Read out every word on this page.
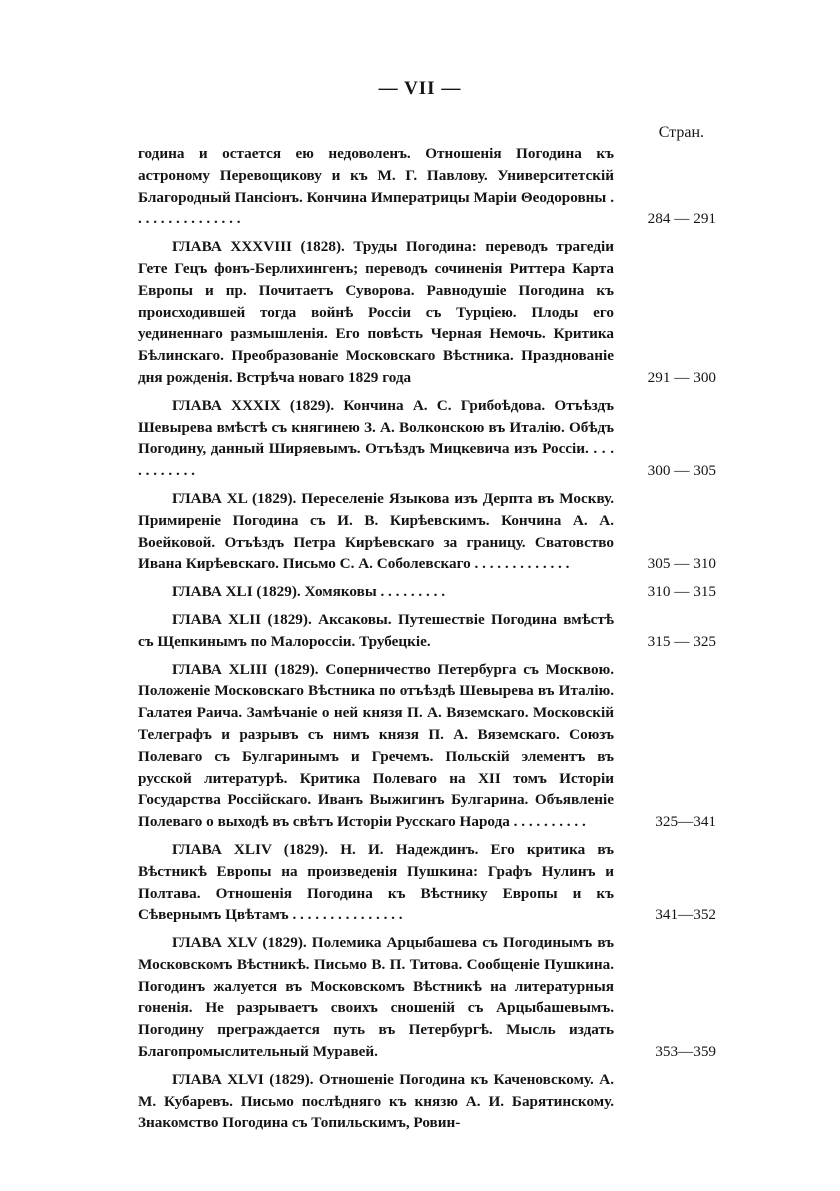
— VII —
Стран.
година и остается ею недоволенъ. Отношенія Погодина къ астроному Перевощикову и къ М. Г. Павлову. Университетскій Благородный Пансіонъ. Кончина Императрицы Маріи Θеодоровны . . . . . . . . . . . . . . .	284 — 291
ГЛАВА XXXVIII (1828). Труды Погодина: переводъ трагедіи Гете Гецъ фонъ-Берлихингенъ; переводъ сочиненія Риттера Карта Европы и пр. Почитаетъ Суворова. Равнодушіе Погодина къ происходившей тогда войнѣ Россіи съ Турціею. Плоды его уединеннаго размышленія. Его повѣсть Черная Немочь. Критика Бѣлинскаго. Преобразованіе Московскаго Вѣстника. Празднованіе дня рожденія. Встрѣча новаго 1829 года	291 — 300
ГЛАВА XXXIX (1829). Кончина А. С. Грибоѣдова. Отъѣздъ Шевырева вмѣстѣ съ княгинею З. А. Волконскою въ Италію. Обѣдъ Погодину, данный Ширяевымъ. Отъѣздъ Мицкевича изъ Россіи. . . . . . . . . . . .	300 — 305
ГЛАВА XL (1829). Переселеніе Языкова изъ Дерпта въ Москву. Примиреніе Погодина съ И. В. Кирѣевскимъ. Кончина А. А. Воейковой. Отъѣздъ Петра Кирѣевскаго за границу. Сватовство Ивана Кирѣевскаго. Письмо С. А. Соболевскаго . . . . . . . . . . . . .	305 — 310
ГЛАВА XLI (1829). Хомяковы . . . . . . . . .	310 — 315
ГЛАВА XLII (1829). Аксаковы. Путешествіе Погодина вмѣстѣ съ Щепкинымъ по Малороссіи. Трубецкіе.	315 — 325
ГЛАВА XLIII (1829). Соперничество Петербурга съ Москвою. Положеніе Московскаго Вѣстника по отъѣздѣ Шевырева въ Италію. Галатея Раича. Замѣчаніе о ней князя П. А. Вяземскаго. Московскій Телеграфъ и разрывъ съ нимъ князя П. А. Вяземскаго. Союзъ Полеваго съ Булгаринымъ и Гречемъ. Польскій элементъ въ русской литературѣ. Критика Полеваго на XII томъ Исторіи Государства Россійскаго. Иванъ Выжигинъ Булгарина. Объявленіе Полеваго о выходѣ въ свѣтъ Исторіи Русскаго Народа . . . . . . . . . .	325—341
ГЛАВА XLIV (1829). Н. И. Надеждинъ. Его критика въ Вѣстникѣ Европы на произведенія Пушкина: Графъ Нулинъ и Полтава. Отношенія Погодина къ Вѣстнику Европы и къ Сѣвернымъ Цвѣтамъ . . . . . . . . . . . . . . .	341—352
ГЛАВА XLV (1829). Полемика Арцыбашева съ Погодинымъ въ Московскомъ Вѣстникѣ. Письмо В. П. Титова. Сообщеніе Пушкина. Погодинъ жалуется въ Московскомъ Вѣстникѣ на литературныя гоненія. Не разрываетъ своихъ сношеній съ Арцыбашевымъ. Погодину преграждается путь въ Петербургѣ. Мысль издать Благопромыслительный Муравей.	353—359
ГЛАВА XLVI (1829). Отношеніе Погодина къ Каченовскому. А. М. Кубаревъ. Письмо послѣдняго къ князю А. И. Барятинскому. Знакомство Погодина съ Топильскимъ, Ровин-
